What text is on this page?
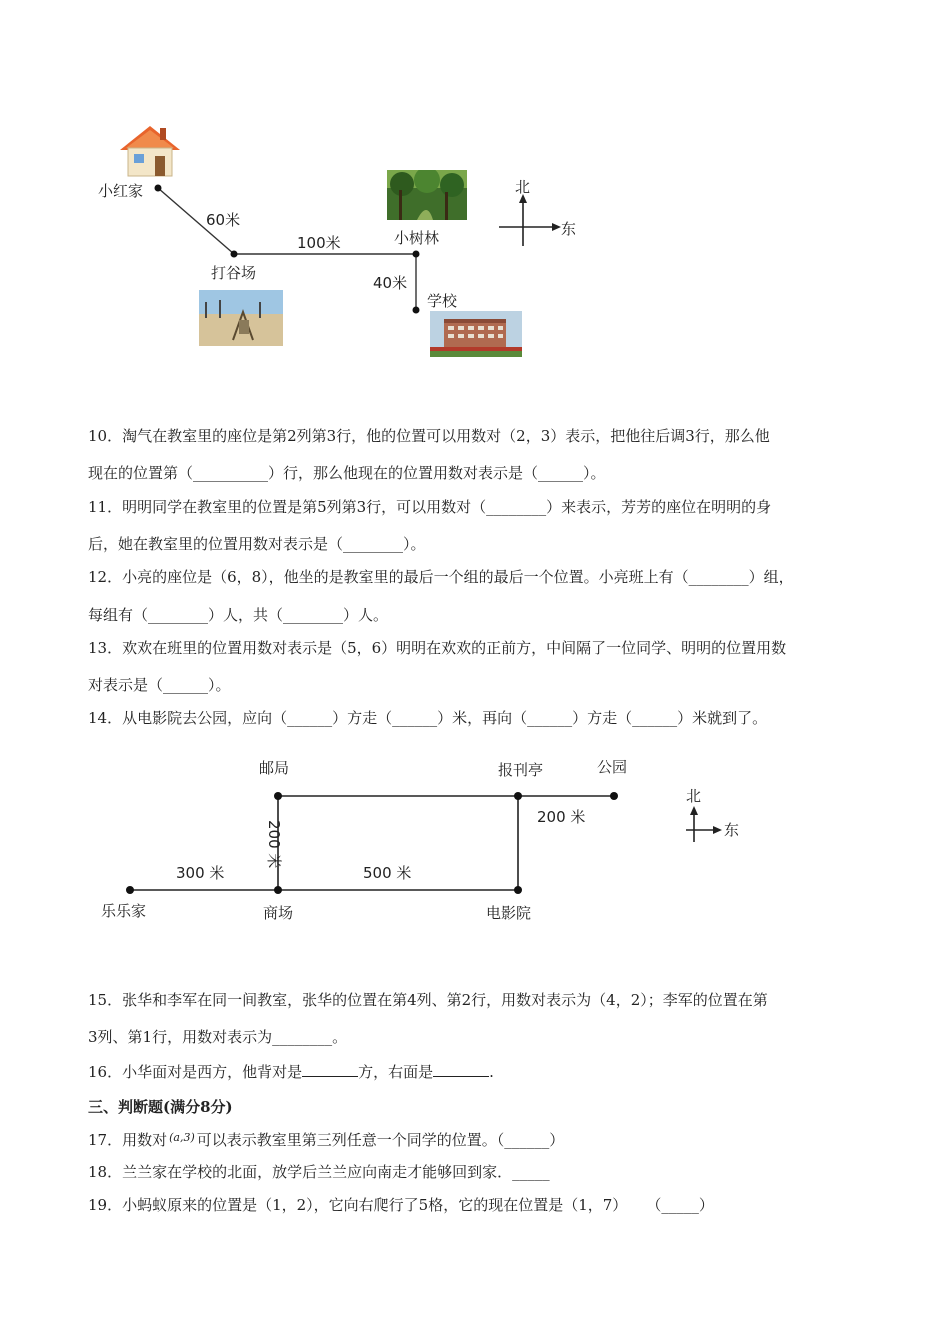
小红家
60米
100米
打谷场
小树林
40米
学校
北
东
10．淘气在教室里的座位是第2列第3行，他的位置可以用数对（2，3）表示，把他往后调3行，那么他
现在的位置第（__________）行，那么他现在的位置用数对表示是（______）。
11．明明同学在教室里的位置是第5列第3行，可以用数对（________）来表示，芳芳的座位在明明的身
后，她在教室里的位置用数对表示是（________）。
12．小亮的座位是（6，8），他坐的是教室里的最后一个组的最后一个位置。小亮班上有（________）组，
每组有（________）人，共（________）人。
13．欢欢在班里的位置用数对表示是（5，6）明明在欢欢的正前方，中间隔了一位同学、明明的位置用数
对表示是（______）。
14．从电影院去公园，应向（______）方走（______）米，再向（______）方走（______）米就到了。
邮局	报刊亭	公园
200 米
300 米	500 米
200 米
乐乐家	商场	电影院
北
东
15．张华和李军在同一间教室，张华的位置在第4列、第2行，用数对表示为（4，2）；李军的位置在第
3列、第1行，用数对表示为________。
16．小华面对是西方，他背对是	方，右面是	.
三、判断题(满分8分)
17．用数对 $^{(a,3)}$ 可以表示教室里第三列任意一个同学的位置。（______）
18．兰兰家在学校的北面，放学后兰兰应向南走才能够回到家．_____
19．小蚂蚁原来的位置是（1，2），它向右爬行了5格，它的现在位置是（1，7）    （_____）
